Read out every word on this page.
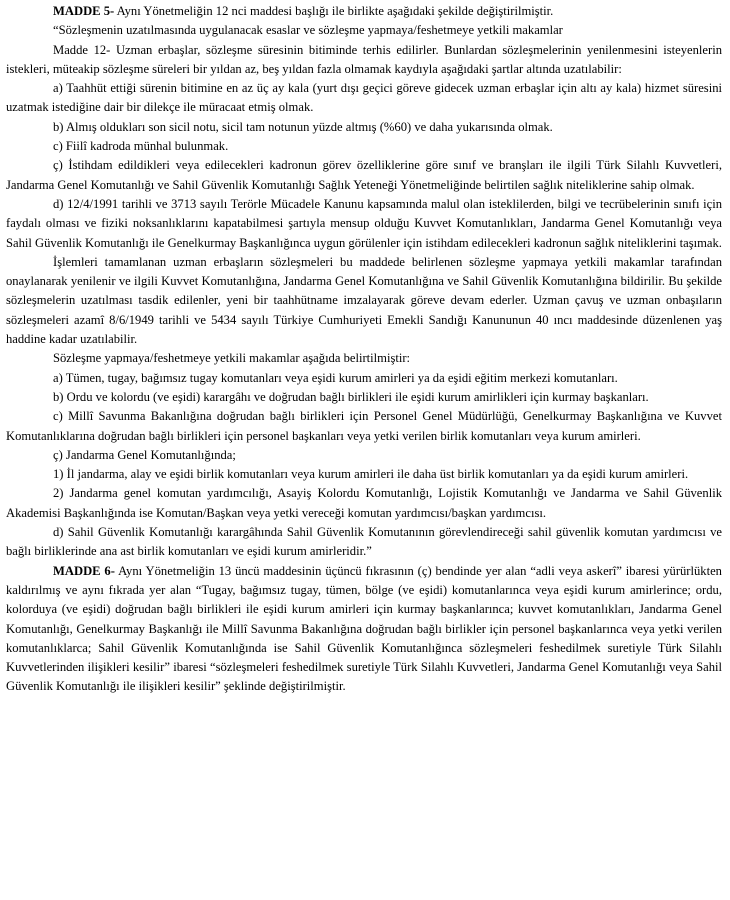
MADDE 5- Aynı Yönetmeliğin 12 nci maddesi başlığı ile birlikte aşağıdaki şekilde değiştirilmiştir.

“Sözleşmenin uzatılmasında uygulanacak esaslar ve sözleşme yapmaya/feshetmeye yetkili makamlar

Madde 12- Uzman erbaşlar, sözleşme süresinin bitiminde terhis edilirler. Bunlardan sözleşmelerinin yenilenmesini isteyenlerin istekleri, müteakip sözleşme süreleri bir yıldan az, beş yıldan fazla olmamak kaydıyla aşağıdaki şartlar altında uzatılabilir:

a) Taahhüt ettiği sürenin bitimine en az üç ay kala (yurt dışı geçici göreve gidecek uzman erbaşlar için altı ay kala) hizmet süresini uzatmak istediğine dair bir dilekçe ile müracaat etmiş olmak.

b) Almış oldukları son sicil notu, sicil tam notunun yüzde altmış (%60) ve daha yukarısında olmak.

c) Fiilî kadroda münhal bulunmak.

ç) İstihdam edildikleri veya edilecekleri kadronun görev özelliklerine göre sınıf ve branşları ile ilgili Türk Silahlı Kuvvetleri, Jandarma Genel Komutanlığı ve Sahil Güvenlik Komutanlığı Sağlık Yeteneği Yönetmeliğinde belirtilen sağlık niteliklerine sahip olmak.

d) 12/4/1991 tarihli ve 3713 sayılı Terörle Mücadele Kanunu kapsamında malul olan isteklilerden, bilgi ve tecrübelerinin sınıfı için faydalı olması ve fiziki noksanlıklarını kapatabilmesi şartıyla mensup olduğu Kuvvet Komutanlıkları, Jandarma Genel Komutanlığı veya Sahil Güvenlik Komutanlığı ile Genelkurmay Başkanlığınca uygun görülenler için istihdam edilecekleri kadronun sağlık niteliklerini taşımak.

İşlemleri tamamlanan uzman erbaşların sözleşmeleri bu maddede belirlenen sözleşme yapmaya yetkili makamlar tarafından onaylanarak yenilenir ve ilgili Kuvvet Komutanlığına, Jandarma Genel Komutanlığına ve Sahil Güvenlik Komutanlığına bildirilir. Bu şekilde sözleşmelerin uzatılması tasdik edilenler, yeni bir taahhütname imzalayarak göreve devam ederler. Uzman çavuş ve uzman onbaşıların sözleşmeleri azamî 8/6/1949 tarihli ve 5434 sayılı Türkiye Cumhuriyeti Emekli Sandığı Kanununun 40 ıncı maddesinde düzenlenen yaş haddine kadar uzatılabilir.

Sözleşme yapmaya/feshetmeye yetkili makamlar aşağıda belirtilmiştir:

a) Tümen, tugay, bağımsız tugay komutanları veya eşidi kurum amirleri ya da eşidi eğitim merkezi komutanları.

b) Ordu ve kolordu (ve eşidi) karargâhı ve doğrudan bağlı birlikleri ile eşidi kurum amirlikleri için kurmay başkanları.

c) Millî Savunma Bakanlığına doğrudan bağlı birlikleri için Personel Genel Müdürlüğü, Genelkurmay Başkanlığına ve Kuvvet Komutanlıklarına doğrudan bağlı birlikleri için personel başkanları veya yetki verilen birlik komutanları veya kurum amirleri.

ç) Jandarma Genel Komutanlığında;

1) İl jandarma, alay ve eşidi birlik komutanları veya kurum amirleri ile daha üst birlik komutanları ya da eşidi kurum amirleri.

2) Jandarma genel komutan yardımcılığı, Asayiş Kolordu Komutanlığı, Lojistik Komutanlığı ve Jandarma ve Sahil Güvenlik Akademisi Başkanlığında ise Komutan/Başkan veya yetki vereceği komutan yardımcısı/başkan yardımcısı.

d) Sahil Güvenlik Komutanlığı karargâhında Sahil Güvenlik Komutanının görevlendireceği sahil güvenlik komutan yardımcısı ve bağlı birliklerinde ana ast birlik komutanları ve eşidi kurum amirleridir.”

MADDE 6- Aynı Yönetmeliğin 13 üncü maddesinin üçüncü fıkrasının (ç) bendinde yer alan “adli veya askerî” ibaresi yürürlükten kaldırılmış ve aynı fıkrada yer alan “Tugay, bağımsız tugay, tümen, bölge (ve eşidi) komutanlarınca veya eşidi kurum amirlerince; ordu, kolorduya (ve eşidi) doğrudan bağlı birlikleri ile eşidi kurum amirleri için kurmay başkanlarınca; kuvvet komutanlıkları, Jandarma Genel Komutanlığı, Genelkurmay Başkanlığı ile Millî Savunma Bakanlığına doğrudan bağlı birlikler için personel başkanlarınca veya yetki verilen komutanlıklarca; Sahil Güvenlik Komutanlığında ise Sahil Güvenlik Komutanlığınca sözleşmeleri feshedilmek suretiyle Türk Silahlı Kuvvetlerinden ilişikleri kesilir” ibaresi “sözleşmeleri feshedilmek suretiyle Türk Silahlı Kuvvetleri, Jandarma Genel Komutanlığı veya Sahil Güvenlik Komutanlığı ile ilişikleri kesilir” şeklinde değiştirilmiştir.
